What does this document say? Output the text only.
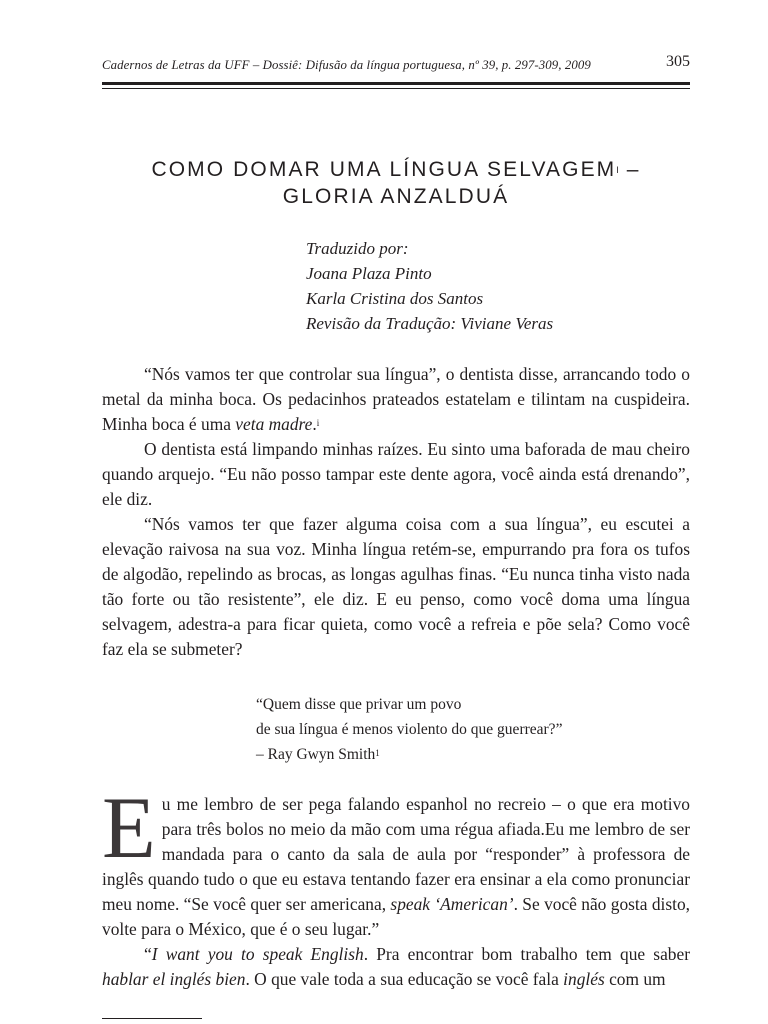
Cadernos de Letras da UFF – Dossiê: Difusão da língua portuguesa, nº 39, p. 297-309, 2009	305
COMO DOMAR UMA LÍNGUA $SELVAGEM^I$ –
GLORIA ANZALDUÁ
Traduzido por:
Joana Plaza Pinto
Karla Cristina dos Santos
Revisão da Tradução: Viviane Veras

“Nós vamos ter que controlar sua língua”, o dentista disse, arrancando todo o metal da minha boca. Os pedacinhos prateados estatelam e tilintam na cuspideira. Minha boca é uma veta madre.$^i$

O dentista está limpando minhas raízes. Eu sinto uma baforada de mau cheiro quando arquejo. “Eu não posso tampar este dente agora, você ainda está drenando”, ele diz.

“Nós vamos ter que fazer alguma coisa com a sua língua”, eu escutei a elevação raivosa na sua voz. Minha língua retém-se, empurrando pra fora os tufos de algodão, repelindo as brocas, as longas agulhas finas. “Eu nunca tinha visto nada tão forte ou tão resistente”, ele diz. E eu penso, como você doma uma língua selvagem, adestra-a para ficar quieta, como você a refreia e põe sela? Como você faz ela se submeter?

“Quem disse que privar um povo
de sua língua é menos violento do que guerrear?”
– Ray Gwyn Smith$^1$

Eu me lembro de ser pega falando espanhol no recreio – o que era motivo para três bolos no meio da mão com uma régua afiada.Eu me lembro de ser mandada para o canto da sala de aula por “responder” à professora de inglês quando tudo o que eu estava tentando fazer era ensinar a ela como pronunciar meu nome. “Se você quer ser americana, speak ‘American’. Se você não gosta disto, volte para o México, que é o seu lugar.”

“I want you to speak English. Pra encontrar bom trabalho tem que saber hablar el inglés bien. O que vale toda a sua educação se você fala inglés com um
